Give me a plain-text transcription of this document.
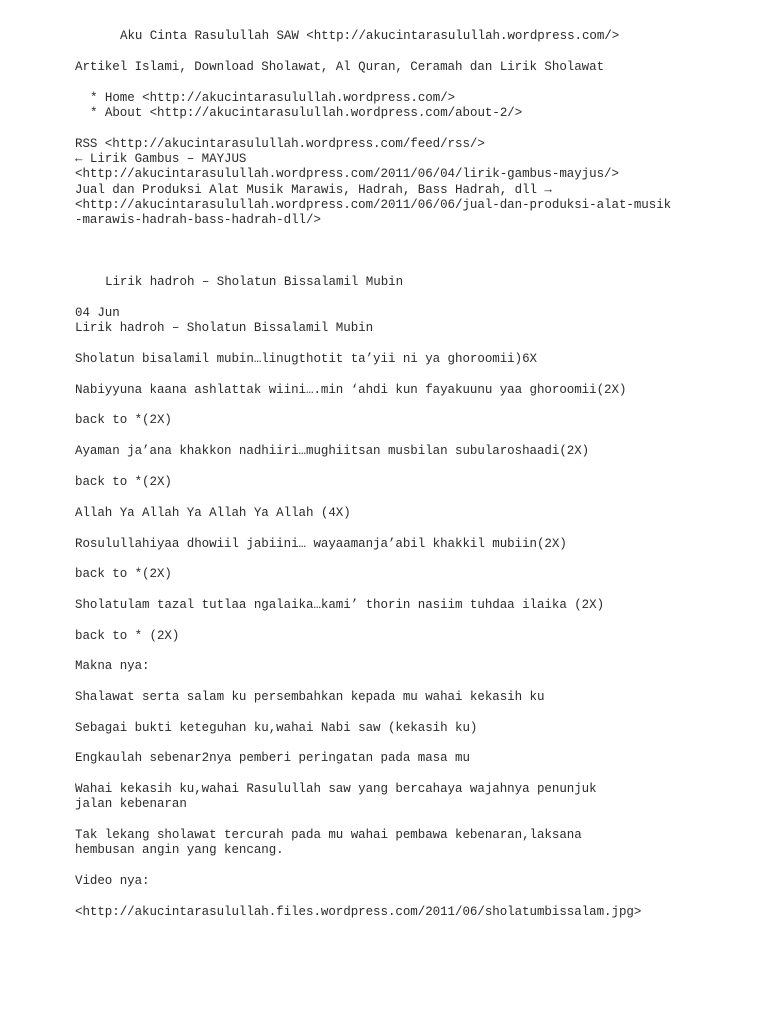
Aku Cinta Rasulullah SAW <http://akucintarasulullah.wordpress.com/>
Artikel Islami, Download Sholawat, Al Quran, Ceramah dan Lirik Sholawat
* Home <http://akucintarasulullah.wordpress.com/>
* About <http://akucintarasulullah.wordpress.com/about-2/>
RSS <http://akucintarasulullah.wordpress.com/feed/rss/>
← Lirik Gambus – MAYJUS
<http://akucintarasulullah.wordpress.com/2011/06/04/lirik-gambus-mayjus/>
Jual dan Produksi Alat Musik Marawis, Hadrah, Bass Hadrah, dll →
<http://akucintarasulullah.wordpress.com/2011/06/06/jual-dan-produksi-alat-musik
-marawis-hadrah-bass-hadrah-dll/>
Lirik hadroh – Sholatun Bissalamil Mubin
04 Jun
Lirik hadroh – Sholatun Bissalamil Mubin
Sholatun bisalamil mubin…linugthotit ta’yii ni ya ghoroomii)6X
Nabiyyuna kaana ashlattak wiini….min ‘ahdi kun fayakuunu yaa ghoroomii(2X)
back to *(2X)
Ayaman ja’ana khakkon nadhiiri…mughiitsan musbilan subularoshaadi(2X)
back to *(2X)
Allah Ya Allah Ya Allah Ya Allah (4X)
Rosulullahiyaa dhowiil jabiini… wayaamanja’abil khakkil mubiin(2X)
back to *(2X)
Sholatulam tazal tutlaa ngalaika…kami’ thorin nasiim tuhdaa ilaika (2X)
back to * (2X)
Makna nya:
Shalawat serta salam ku persembahkan kepada mu wahai kekasih ku
Sebagai bukti keteguhan ku,wahai Nabi saw (kekasih ku)
Engkaulah sebenar2nya pemberi peringatan pada masa mu
Wahai kekasih ku,wahai Rasulullah saw yang bercahaya wajahnya penunjuk
jalan kebenaran
Tak lekang sholawat tercurah pada mu wahai pembawa kebenaran,laksana
hembusan angin yang kencang.
Video nya:
<http://akucintarasulullah.files.wordpress.com/2011/06/sholatumbissalam.jpg>
